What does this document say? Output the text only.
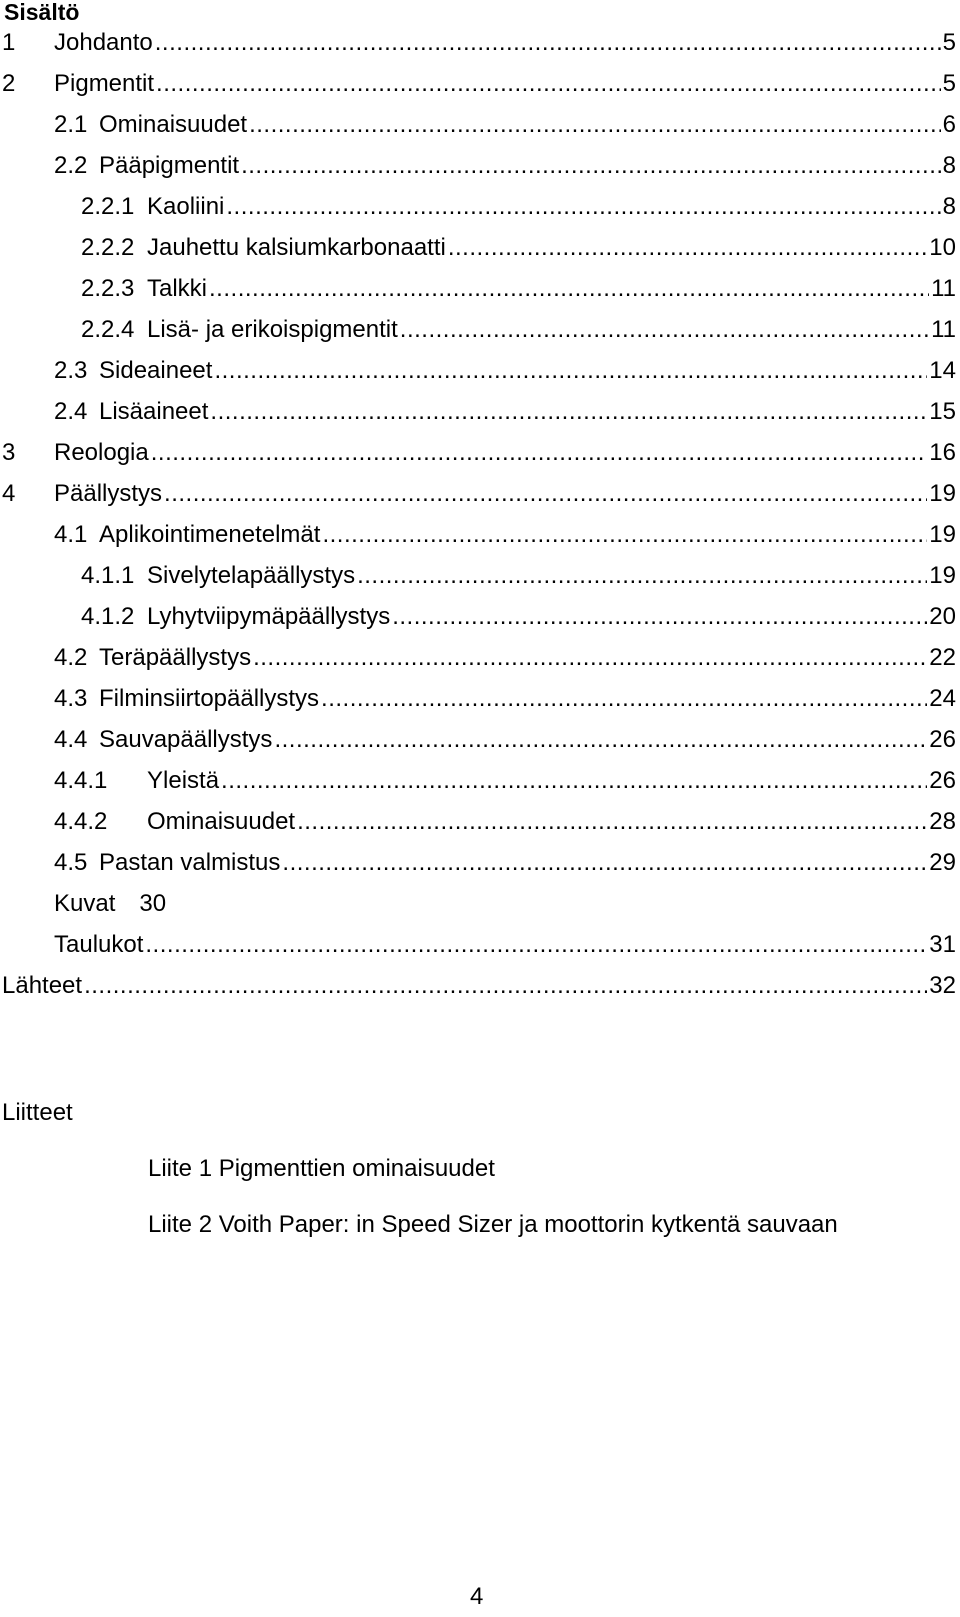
Sisältö
1	Johdanto .....	5
2	Pigmentit .....	5
2.1 Ominaisuudet .....	6
2.2 Pääpigmentit .....	8
2.2.1 Kaoliini .....	8
2.2.2 Jauhettu kalsiumkarbonaatti .....	10
2.2.3 Talkki .....	11
2.2.4 Lisä- ja erikoispigmentit .....	11
2.3 Sideaineet .....	14
2.4 Lisäaineet .....	15
3	Reologia .....	16
4	Päällystys .....	19
4.1 Aplikointimenetelmät .....	19
4.1.1 Sivelytelapäällystys .....	19
4.1.2 Lyhytviipymäpäällystys .....	20
4.2 Teräpäällystys .....	22
4.3 Filminsiirtopäällystys .....	24
4.4 Sauvapäällystys .....	26
4.4.1	Yleistä .....	26
4.4.2	Ominaisuudet .....	28
4.5 Pastan valmistus .....	29
Kuvat 30
Taulukot .....	31
Lähteet .....	32
Liitteet
Liite 1 Pigmenttien ominaisuudet
Liite 2 Voith Paper: in Speed Sizer ja moottorin kytkentä sauvaan
4
